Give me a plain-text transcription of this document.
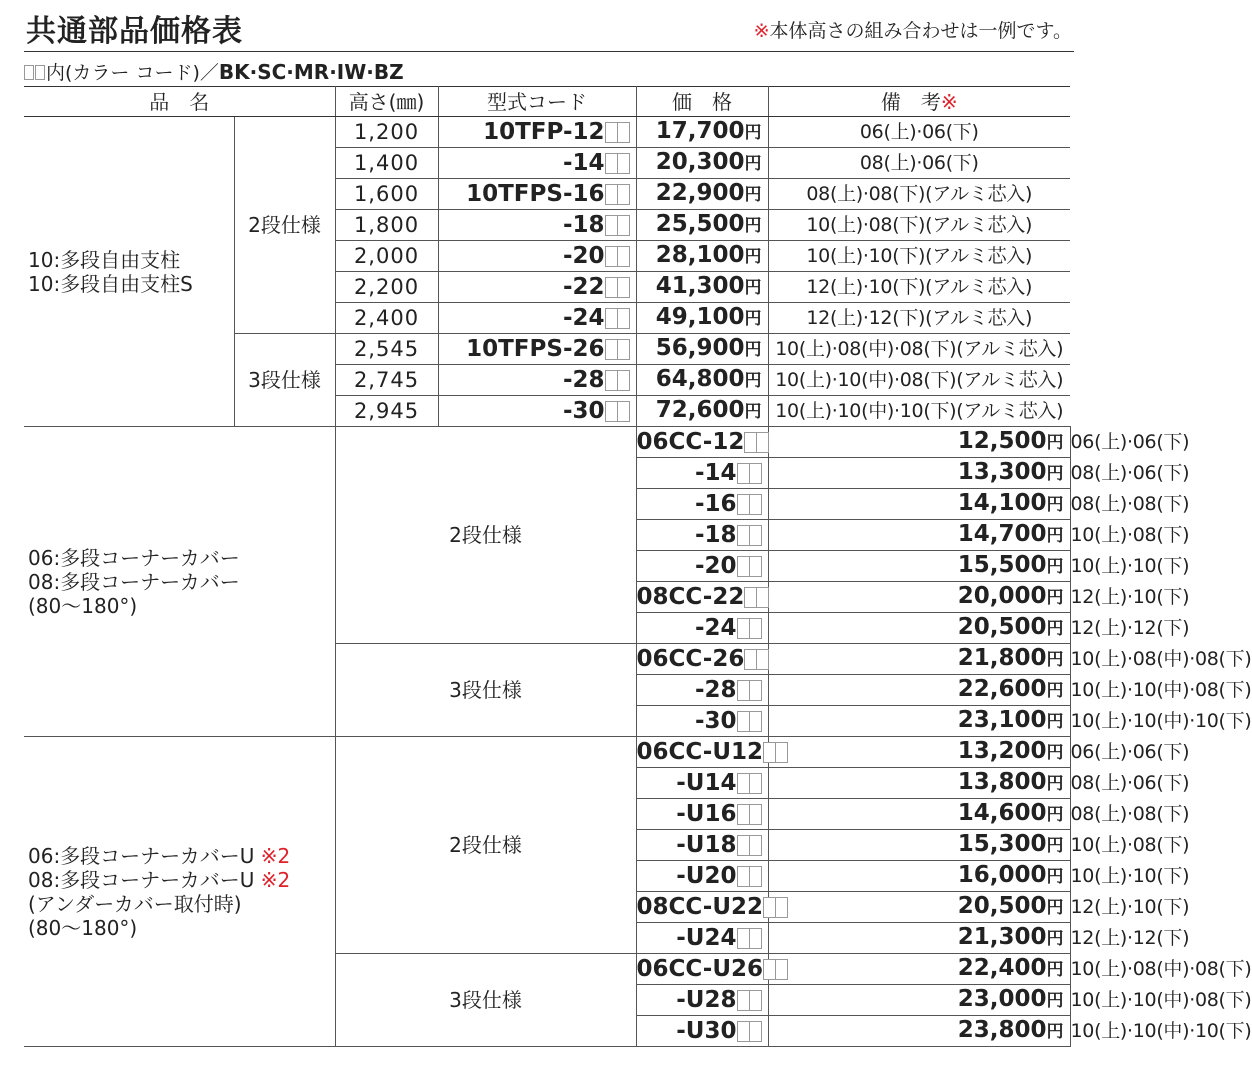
共通部品価格表	※本体高さの組み合わせは一例です。
内(カラー コード)／BK·SC·MR·IW·BZ
品　名		高さ(㎜)	型式コード	価　格	備　考※	

10:多段自由支柱
10:多段自由支柱S	2段仕様	1,200	10TFP-12	17,700円	06(上)·06(下)	
		1,400	-14	20,300円	08(上)·06(下)	
		1,600	10TFPS-16	22,900円	08(上)·08(下)(アルミ芯入)	
		1,800	-18	25,500円	10(上)·08(下)(アルミ芯入)	
		2,000	-20	28,100円	10(上)·10(下)(アルミ芯入)	
		2,200	-22	41,300円	12(上)·10(下)(アルミ芯入)	
		2,400	-24	49,100円	12(上)·12(下)(アルミ芯入)	
	3段仕様	2,545	10TFPS-26	56,900円	10(上)·08(中)·08(下)(アルミ芯入)	
		2,745	-28	64,800円	10(上)·10(中)·08(下)(アルミ芯入)	
		2,945	-30	72,600円	10(上)·10(中)·10(下)(アルミ芯入)	

06:多段コーナーカバー
08:多段コーナーカバー
(80～180°)		2段仕様		06CC-12	12,500円	06(上)·06(下)
				-14	13,300円	08(上)·06(下)
				-16	14,100円	08(上)·08(下)
				-18	14,700円	10(上)·08(下)
				-20	15,500円	10(上)·10(下)
				08CC-22	20,000円	12(上)·10(下)
				-24	20,500円	12(上)·12(下)
		3段仕様		06CC-26	21,800円	10(上)·08(中)·08(下)
				-28	22,600円	10(上)·10(中)·08(下)
				-30	23,100円	10(上)·10(中)·10(下)

06:多段コーナーカバーU ※2
08:多段コーナーカバーU ※2
(アンダーカバー取付時)
(80～180°)		2段仕様		06CC-U12	13,200円	06(上)·06(下)
				-U14	13,800円	08(上)·06(下)
				-U16	14,600円	08(上)·08(下)
				-U18	15,300円	10(上)·08(下)
				-U20	16,000円	10(上)·10(下)
				08CC-U22	20,500円	12(上)·10(下)
				-U24	21,300円	12(上)·12(下)
		3段仕様		06CC-U26	22,400円	10(上)·08(中)·08(下)
				-U28	23,000円	10(上)·10(中)·08(下)
				-U30	23,800円	10(上)·10(中)·10(下)
